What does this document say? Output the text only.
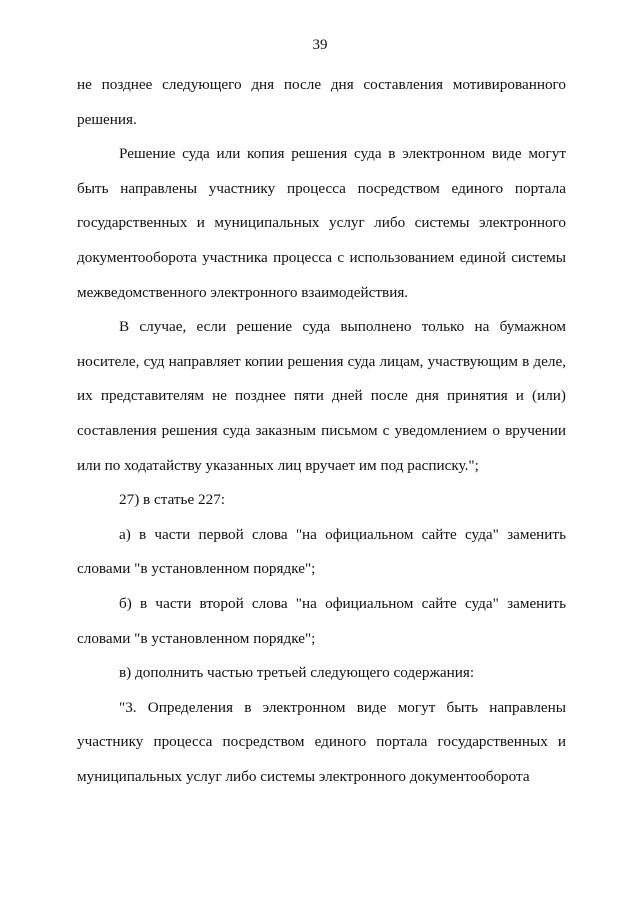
39

не позднее следующего дня после дня составления мотивированного решения.

Решение суда или копия решения суда в электронном виде могут быть направлены участнику процесса посредством единого портала государственных и муниципальных услуг либо системы электронного документооборота участника процесса с использованием единой системы межведомственного электронного взаимодействия.

В случае, если решение суда выполнено только на бумажном носителе, суд направляет копии решения суда лицам, участвующим в деле, их представителям не позднее пяти дней после дня принятия и (или) составления решения суда заказным письмом с уведомлением о вручении или по ходатайству указанных лиц вручает им под расписку.";

27) в статье 227:

а) в части первой слова "на официальном сайте суда" заменить словами "в установленном порядке";

б) в части второй слова "на официальном сайте суда" заменить словами "в установленном порядке";

в) дополнить частью третьей следующего содержания:

"3. Определения в электронном виде могут быть направлены участнику процесса посредством единого портала государственных и муниципальных услуг либо системы электронного документооборота
